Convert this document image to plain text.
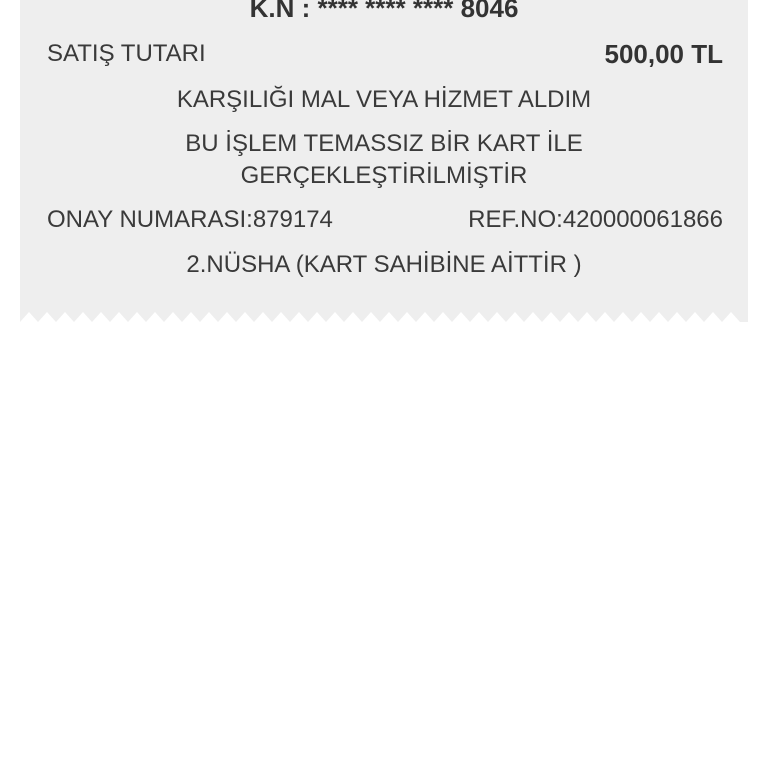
K.N : **** **** **** 8046
SATIŞ TUTARI	500,00 TL
KARŞILIĞI MAL VEYA HİZMET ALDIM
BU İŞLEM TEMASSIZ BİR KART İLE
GERÇEKLEŞTİRİLMİŞTİR
ONAY NUMARASI:879174	REF.NO:420000061866
2.NÜSHA (KART SAHİBİNE AİTTİR )
